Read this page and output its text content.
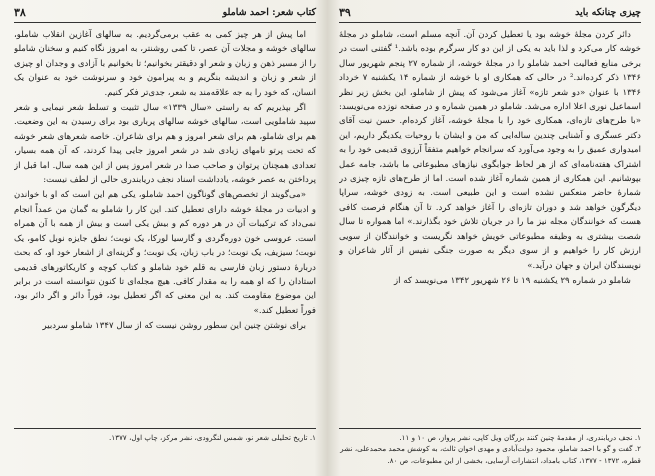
کتاب شعر: احمد شاملو
۳۸

اما پیش از هر چیز کمی به عقب برمی‌گردیم. به سالهای آغازین انقلاب شاملو، سالهای خوشه و مجلات آن عصر، تا کمی روشنتر، به امروز نگاه کنیم و سخنان شاملو را از مسیر ذهن و زبان و شعر او دقیقتر بخوانیم؛ تا بخوانیم با آزادی و وجدان او چیزی از شعر و زبان و اندیشه بنگریم و به پیرامون خود و سرنوشت خود به عنوان یک انسان، که خود را به جه علاقه‌مند به شعر، جدی‌تر فکر کنیم.

اگر بپذیریم که به راستی «سال ۱۳۳۹» سال تثبیت و تسلط شعر نیمایی و شعر سپید شاملویی است، سالهای خوشه سالهای پرباری بود برای رسیدن به این وضعیت. هم برای شاملو، هم برای شعر امروز و هم برای شاعران. خاصه شعرهای شعر خوشه که تحت پرتو نامهای زیادی شد در شعر امروز جایی پیدا کردند، که آن همه بسیار، تعدادی همچنان پرتوان و صاحب صدا در شعر امروز پس از این همه سال. اما قبل از پرداختن به عصر خوشه، یادداشت اسناد نجف دریابندری حالی از لطف نیست:

«می‌گویند از تخصص‌های گوناگون احمد شاملو، یکی هم این است که او با خواندن و ادبیات در مجلهٔ خوشه دارای تعطیل کند. این کار را شاملو به گمان من عمداً انجام نمی‌داد که ترکیبات آن در هر دوره کم و بیش یکی است و بیش از همه با آن همراه است. عروسی خون دوره‌گردی و گارسیا لورکا، یک نوبت؛ نطق جایزه نوبل کامو، یک نوبت؛ سیزیف، یک نوبت؛ در باب زبان، یک نوبت؛ و گزینه‌ای از اشعار خود او، که بحث دربارهٔ دستور زبان فارسی به قلم خود شاملو و کتاب کوچه و کاریکاتورهای قدیمی استادان را که او همه را به مقدار کافی. هیچ مجله‌ای تا کنون نتوانسته است در برابر این موضوع مقاومت کند. به این معنی که اگر تعطیل بود، فوراً دائر و اگر دائر بود، فوراً تعطیل کند.»

برای نوشتن چنین این سطور روشن نیست که از سال ۱۳۴۷ شاملو سردبیر

۱. تاریخ تحلیلی شعر نو، شمس لنگرودی، نشر مرکز، چاپ اول، ۱۳۷۷.
چیزی چنانکه باید
۳۹

دائر کردن مجلهٔ خوشه بود یا تعطیل کردن آن. آنچه مسلم است، شاملو در مجلهٔ خوشه کار می‌کرد و لذا باید به یکی از این دو کار سرگرم بوده باشد.¹ گفتنی است در برخی منابع فعالیت احمد شاملو را در مجلهٔ خوشه، از شماره ۲۷ پنجم شهریور سال ۱۳۴۶ ذکر کرده‌اند.² در حالی که همکاری او با خوشه از شماره ۱۴ یکشنبه ۷ خرداد ۱۳۴۶ با عنوان «دو شعر تازه» آغاز می‌شود که پیش از شاملو، این بخش زیر نظر اسماعیل نوری اعلا اداره می‌شد. شاملو در همین شماره و در صفحه نوزده می‌نویسد: «با طرح‌های تازه‌ای، همکاری خود را با مجلهٔ خوشه، آغاز کرده‌ام. حسن نیت آقای دکتر عسگری و آشنایی چندین ساله‌ایی که من و ایشان با روحیات یکدیگر داریم، این امیدواری عمیق را به وجود می‌آورد که سرانجام خواهیم متفقاً آرزوی قدیمی خود را به اشتراک هفته‌نامه‌ای که از هر لحاظ جوابگوی نیازهای مطبوعاتی ما باشد، جامه عمل بپوشانیم. این همکاری از همین شماره آغاز شده است. اما از طرح‌های تازه چیزی در شمارهٔ حاضر منعکس نشده است و این طبیعی است. به زودی خوشه، سراپا دیگرگون خواهد شد و دوران تازه‌ای را آغاز خواهد کرد. تا آن هنگام فرصت کافی هست که خوانندگان مجله نیز ما را در جریان تلاش خود بگذارند.» اما همواره تا سال شصت بیشتری به وظیفه مطبوعاتی خویش خواهد نگریست و خوانندگان از سویی ارزش کار را خواهیم و از سوی دیگر به صورت جنگی نفیس از آثار شاعران و نویسندگان ایران و جهان درآید.»

شاملو در شماره ۲۹ یکشنبه ۱۹ تا ۲۶ شهریور ۱۳۴۲ می‌نویسد که از

۱. نجف دریابندری، از مقدمهٔ چنین کنند بزرگان ویل کاپی، نشر پرواز، ص ۱۰ و ۱۱.
۲. گفت و گو با احمد شاملو، محمود دولت‌آبادی و مهدی اخوان ثالث، به کوشش محمد محمدعلی، نشر قطره، ۱۳۷۲ - ۱۳۷۷، کتاب بامداد، انتشارات آرسایی، بخشی از این مطبوعات، ص ۸۰.
